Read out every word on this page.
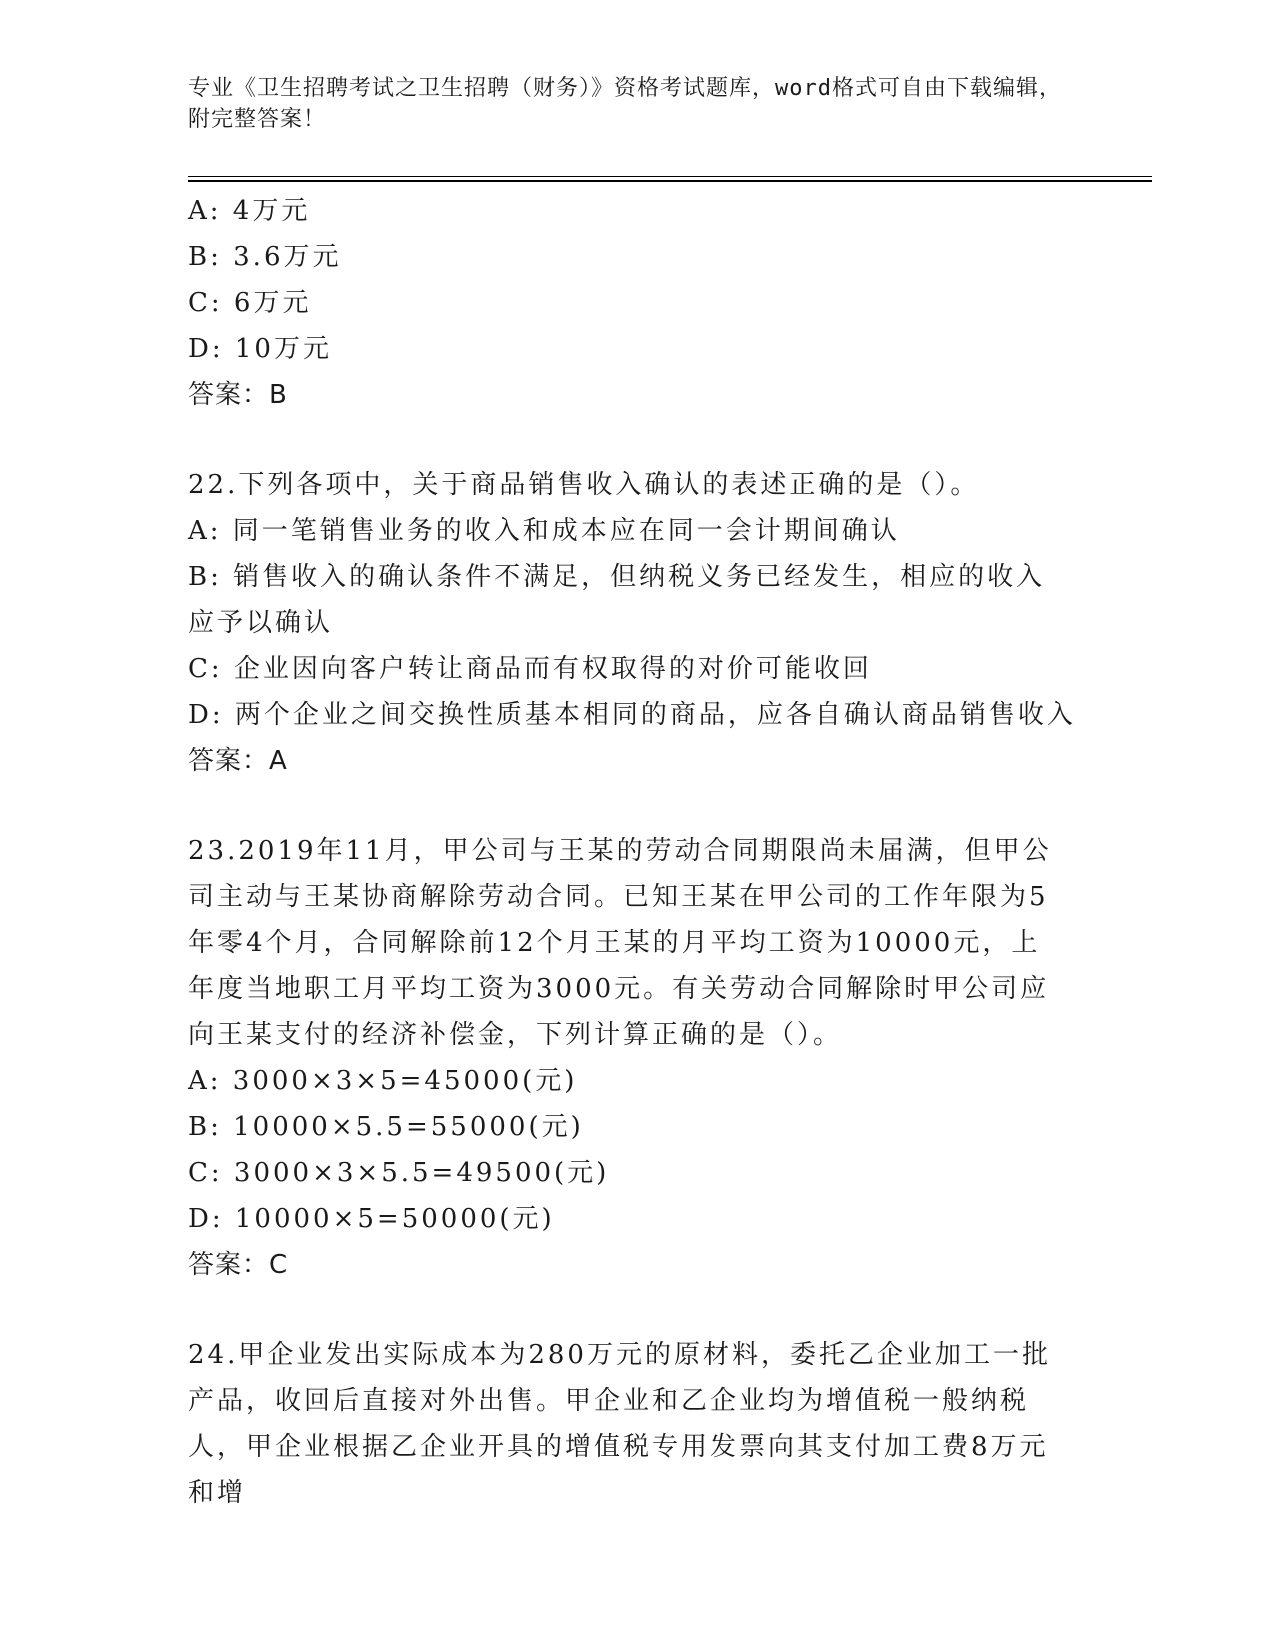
专业《卫生招聘考试之卫生招聘（财务）》资格考试题库，word格式可自由下载编辑，附完整答案！
A: 4万元
B: 3.6万元
C: 6万元
D: 10万元
答案：B
22.下列各项中，关于商品销售收入确认的表述正确的是（）。
A: 同一笔销售业务的收入和成本应在同一会计期间确认
B: 销售收入的确认条件不满足，但纳税义务已经发生，相应的收入应予以确认
C: 企业因向客户转让商品而有权取得的对价可能收回
D: 两个企业之间交换性质基本相同的商品，应各自确认商品销售收入
答案：A
23.2019年11月，甲公司与王某的劳动合同期限尚未届满，但甲公司主动与王某协商解除劳动合同。已知王某在甲公司的工作年限为5年零4个月，合同解除前12个月王某的月平均工资为10000元，上年度当地职工月平均工资为3000元。有关劳动合同解除时甲公司应向王某支付的经济补偿金，下列计算正确的是（）。
A: 3000×3×5=45000(元)
B: 10000×5.5=55000(元)
C: 3000×3×5.5=49500(元)
D: 10000×5=50000(元)
答案：C
24.甲企业发出实际成本为280万元的原材料，委托乙企业加工一批产品，收回后直接对外出售。甲企业和乙企业均为增值税一般纳税人，甲企业根据乙企业开具的增值税专用发票向其支付加工费8万元和增
